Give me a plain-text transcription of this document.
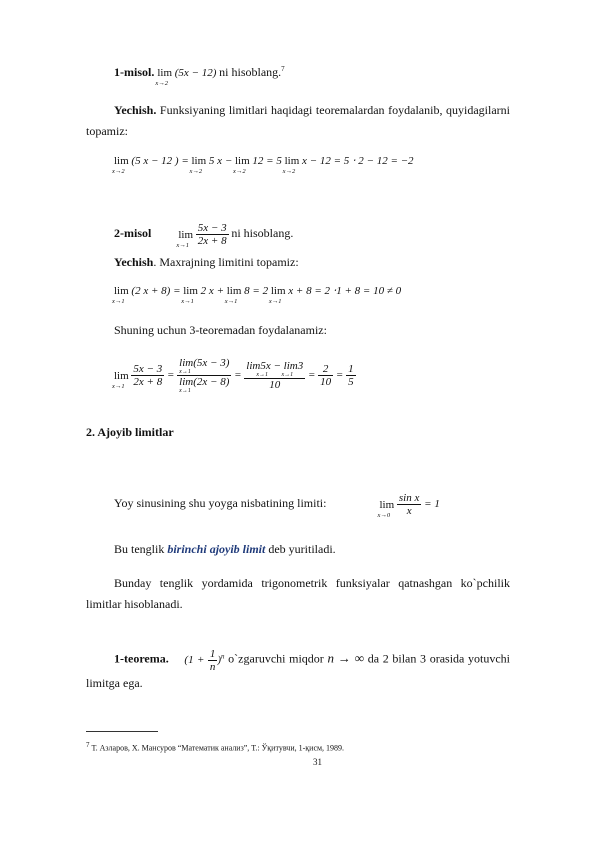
1-misol. lim
x→2
(5x − 12) ni hisoblang.$^7$
Yechish. Funksiyaning limitlari haqidagi teoremalardan foydalanib, quyidagilarni topamiz:
lim
x→2
(5 x − 12 ) = lim
x→2
5 x − lim
x→2
12 = 5 lim
x→2
x − 12 = 5 ⋅ 2 − 12 = −2
2-misol lim
x→1
$\frac{5x - 3}{2x + 8}$ ni hisoblang.
Yechish. Maxrajning limitini topamiz:
lim
x→1
(2 x + 8) = lim
x→1
2 x + lim
x→1
8 = 2 lim
x→1
x + 8 = 2 ⋅1 + 8 = 10 ≠ 0
Shuning uchun 3-teoremadan foydalanamiz:
lim
x→1
$\frac{5x - 3}{2x + 8} = \lim(5x - 3)$
x→1
lim(2x − 8)
x→1 = lim5x − lim3
x→1 x→1
$10 = \frac{2}{10} = \frac{1}{5}$
2. Ajoyib limitlar
Yoy sinusining shu yoyga nisbatining limiti:	lim
x→0
$\frac{\text{sin x}}{x} = 1$
Bu tenglik birinchi ajoyib limit deb yuritiladi.
Bunday tenglik yordamida trigonometrik funksiyalar qatnashgan ko`pchilik limitlar hisoblanadi.
1-teorema. $(1 + \frac{1}{n} )^n$ o`zgaruvchi miqdor n → ∞ da 2 bilan 3 orasida yotuvchi limitga ega.
7 Т. Азларов, Х. Мансуров “Математик анализ”, Т.: Ўқитувчи, 1-қисм, 1989.
31
